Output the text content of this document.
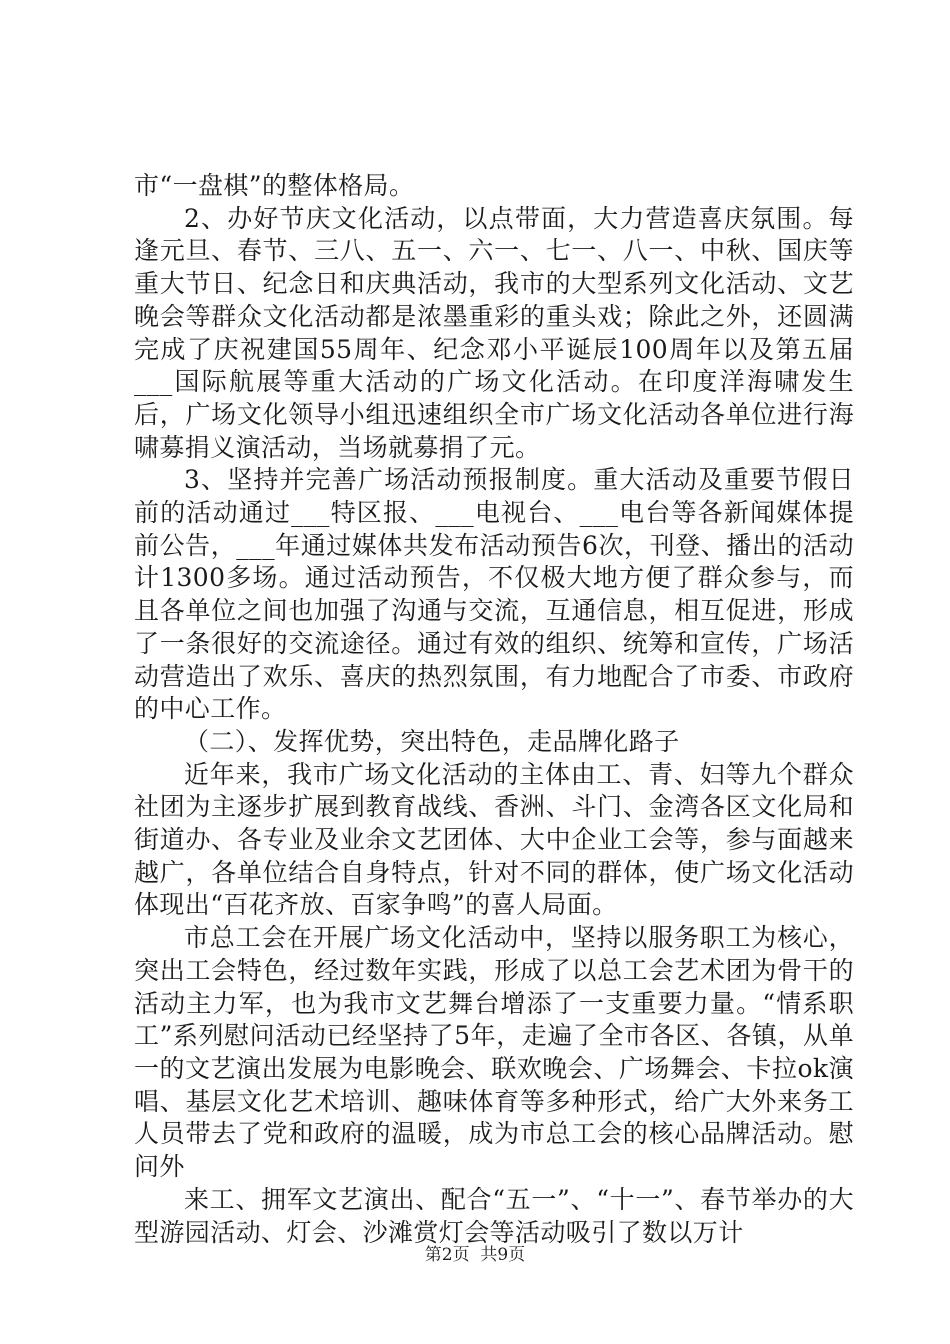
市“一盘棋”的整体格局。

2、办好节庆文化活动，以点带面，大力营造喜庆氛围。每逢元旦、春节、三八、五一、六一、七一、八一、中秋、国庆等重大节日、纪念日和庆典活动，我市的大型系列文化活动、文艺晚会等群众文化活动都是浓墨重彩的重头戏；除此之外，还圆满完成了庆祝建国55周年、纪念邓小平诞辰100周年以及第五届___国际航展等重大活动的广场文化活动。在印度洋海啸发生后，广场文化领导小组迅速组织全市广场文化活动各单位进行海啸募捐义演活动，当场就募捐了元。

3、坚持并完善广场活动预报制度。重大活动及重要节假日前的活动通过___特区报、___电视台、___电台等各新闻媒体提前公告，___年通过媒体共发布活动预告6次，刊登、播出的活动计1300多场。通过活动预告，不仅极大地方便了群众参与，而且各单位之间也加强了沟通与交流，互通信息，相互促进，形成了一条很好的交流途径。通过有效的组织、统筹和宣传，广场活动营造出了欢乐、喜庆的热烈氛围，有力地配合了市委、市政府的中心工作。

（二）、发挥优势，突出特色，走品牌化路子

近年来，我市广场文化活动的主体由工、青、妇等九个群众社团为主逐步扩展到教育战线、香洲、斗门、金湾各区文化局和街道办、各专业及业余文艺团体、大中企业工会等，参与面越来越广，各单位结合自身特点，针对不同的群体，使广场文化活动体现出“百花齐放、百家争鸣”的喜人局面。

市总工会在开展广场文化活动中，坚持以服务职工为核心，突出工会特色，经过数年实践，形成了以总工会艺术团为骨干的活动主力军，也为我市文艺舞台增添了一支重要力量。“情系职工”系列慰问活动已经坚持了5年，走遍了全市各区、各镇，从单一的文艺演出发展为电影晚会、联欢晚会、广场舞会、卡拉ok演唱、基层文化艺术培训、趣味体育等多种形式，给广大外来务工人员带去了党和政府的温暖，成为市总工会的核心品牌活动。慰问外

来工、拥军文艺演出、配合“五一”、“十一”、春节举办的大型游园活动、灯会、沙滩赏灯会等活动吸引了数以万计

第2页 共9页
